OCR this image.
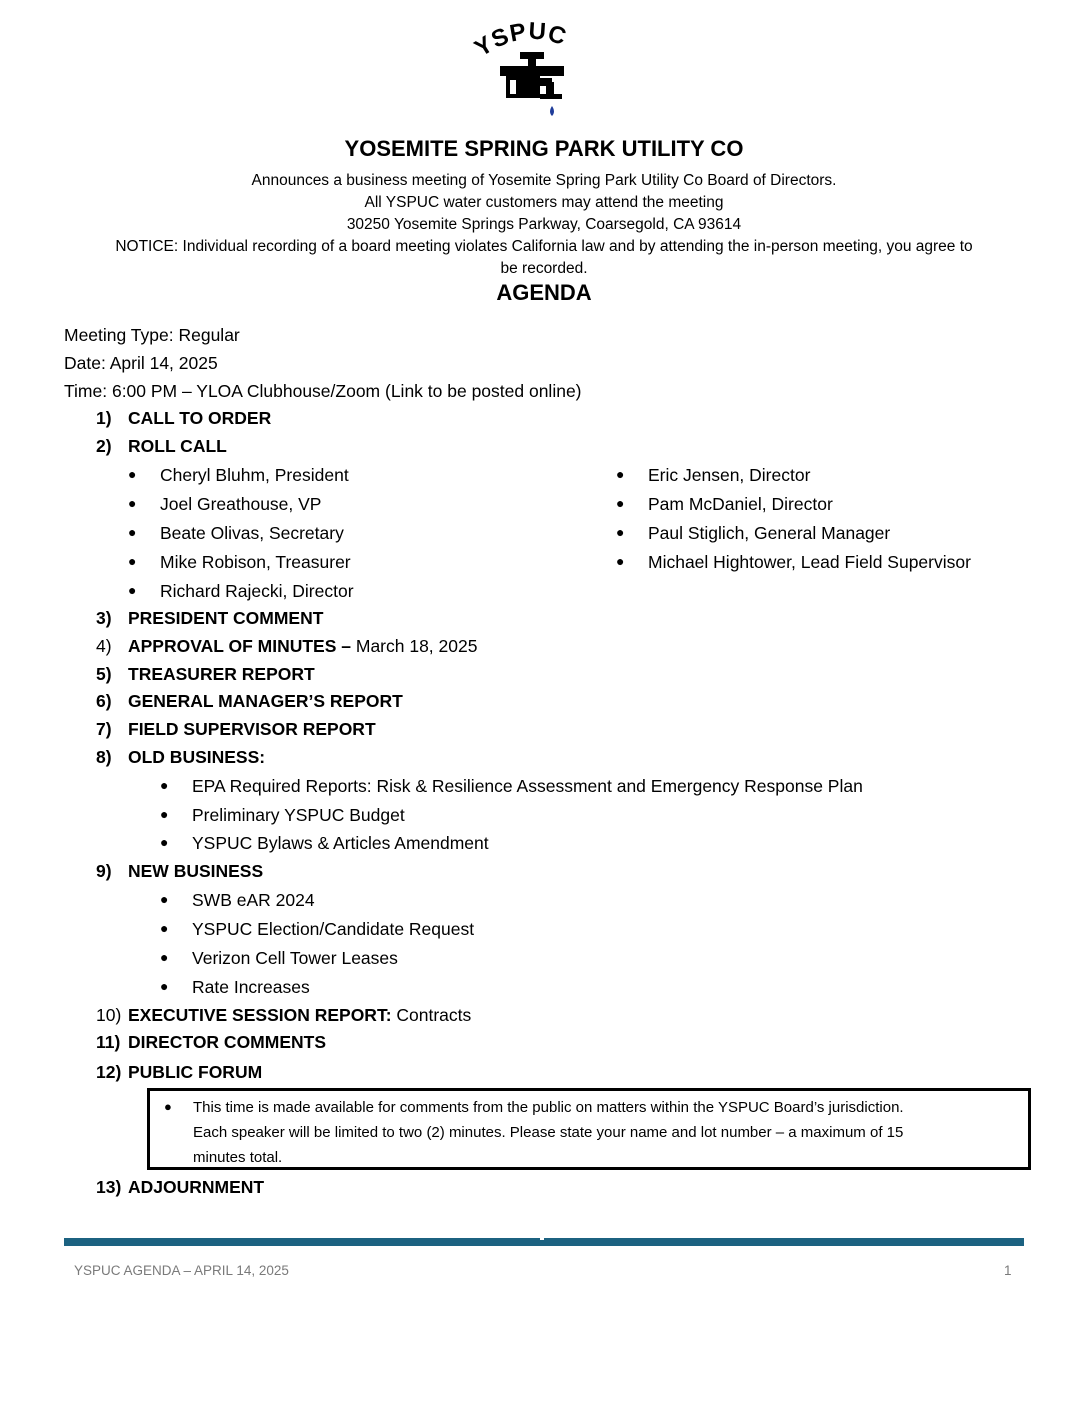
YSPUC
YOSEMITE SPRING PARK UTILITY CO
Announces a business meeting of Yosemite Spring Park Utility Co Board of Directors.
All YSPUC water customers may attend the meeting
30250 Yosemite Springs Parkway, Coarsegold, CA 93614
NOTICE: Individual recording of a board meeting violates California law and by attending the in-person meeting, you agree to
be recorded.
AGENDA
Meeting Type: Regular
Date: April 14, 2025
Time: 6:00 PM – YLOA Clubhouse/Zoom (Link to be posted online)
1) CALL TO ORDER
2) ROLL CALL
● Cheryl Bluhm, President
● Joel Greathouse, VP
● Beate Olivas, Secretary
● Mike Robison, Treasurer
● Richard Rajecki, Director
● Eric Jensen, Director
● Pam McDaniel, Director
● Paul Stiglich, General Manager
● Michael Hightower, Lead Field Supervisor
3) PRESIDENT COMMENT
4) APPROVAL OF MINUTES – March 18, 2025
5) TREASURER REPORT
6) GENERAL MANAGER’S REPORT
7) FIELD SUPERVISOR REPORT
8) OLD BUSINESS:
● EPA Required Reports: Risk & Resilience Assessment and Emergency Response Plan
● Preliminary YSPUC Budget
● YSPUC Bylaws & Articles Amendment
9) NEW BUSINESS
● SWB eAR 2024
● YSPUC Election/Candidate Request
● Verizon Cell Tower Leases
● Rate Increases
10) EXECUTIVE SESSION REPORT: Contracts
11) DIRECTOR COMMENTS
12) PUBLIC FORUM
● This time is made available for comments from the public on matters within the YSPUC Board’s jurisdiction.
Each speaker will be limited to two (2) minutes. Please state your name and lot number – a maximum of 15
minutes total.
13) ADJOURNMENT
YSPUC AGENDA – APRIL 14, 2025	1
